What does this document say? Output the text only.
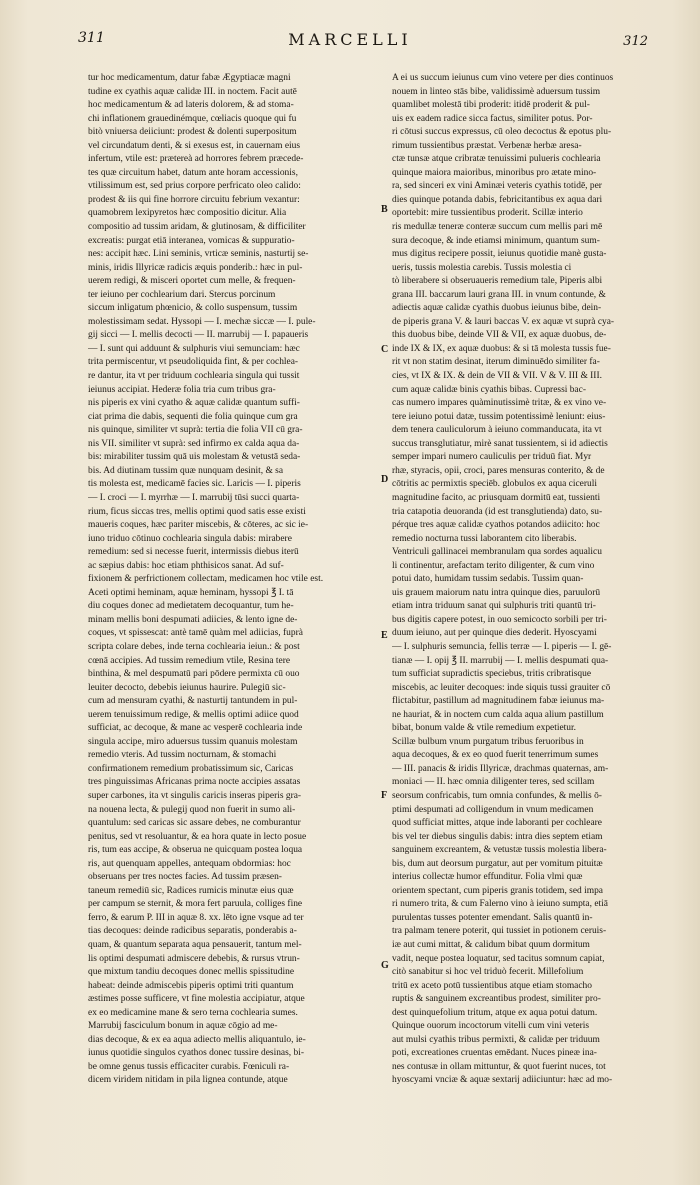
311	MARCELLI	312
tur hoc medicamentum, datur fabæ Ægyptiacæ magni
tudine ex cyathis aquæ calidæ III. in noctem. Facit autē
hoc medicamentum & ad lateris dolorem, & ad stoma-
chi inflationem grauedinémque, cœliacis quoque qui fu
bitò vniuersa deiiciunt: prodest & dolenti superpositum
vel circundatum denti, & si exesus est, in cauernam eius
infertum, vtile est: prætereà ad horrores febrem præcede-
tes quæ circuitum habet, datum ante horam accessionis,
vtilissimum est, sed prius corpore perfricato oleo calido:
prodest & iis qui fine horrore circuitu febrium vexantur:
quamobrem lexipyretos hæc compositio dicitur. Alia
compositio ad tussim aridam, & glutinosam, & difficiliter
excreatis: purgat etiā interanea, vomicas & suppuratio-
nes: accipit hæc. Lini seminis, vrticæ seminis, nasturtij se-
minis, iridis Illyricæ radicis æquis ponderib.: hæc in pul-
uerem redigi, & misceri oportet cum melle, & frequen-
ter ieiuno per cochlearium dari. Stercus porcinum
siccum inligatum phœnicio, & collo suspensum, tussim
molestissimam sedat. Hyssopi — I. mechæ siccæ — I. pule-
gij sicci — I. mellis decocti — II. marrubij — I. papaueris
— I. sunt qui adduunt & sulphuris viui semunciam: hæc
trita permiscentur, vt pseudoliquida fint, & per cochlea-
re dantur, ita vt per triduum cochlearia singula qui tussit
ieiunus accipiat. Hederæ folia tria cum tribus gra-
nis piperis ex vini cyatho & aquæ calidæ quantum suffi-
ciat prima die dabis, sequenti die folia quinque cum gra
nis quinque, similiter vt suprà: tertia die folia VII cū gra-
nis VII. similiter vt suprà: sed infirmo ex calda aqua da-
bis: mirabiliter tussim quā uis molestam & vetustā seda-
bis. Ad diutinam tussim quæ nunquam desinit, & sa
tis molesta est, medicamē facies sic. Laricis — I. piperis
— I. croci — I. myrrhæ — I. marrubij tūsi succi quarta-
rium, ficus siccas tres, mellis optimi quod satis esse existi
maueris coques, hæc pariter miscebis, & cōteres, ac sic ie-
iuno triduo cōtinuo cochlearia singula dabis: mirabere
remedium: sed si necesse fuerit, intermissis diebus iterū
ac sæpius dabis: hoc etiam phthisicos sanat. Ad suf-
fixionem & perfrictionem collectam, medicamen hoc vtile est.
Aceti optimi heminam, aquæ heminam, hyssopi ℥ I. tā
diu coques donec ad medietatem decoquantur, tum he-
minam mellis boni despumati adiicies, & lento igne de-
coques, vt spissescat: antè tamē quàm mel adiicias, fuprà
scripta colare debes, inde terna cochlearia ieiun.: & post
cœnā accipies. Ad tussim remedium vtile, Resina tere
binthina, & mel despumatū pari pōdere permixta cū ouo
leuiter decocto, debebis ieiunus haurire. Pulegiū sic-
cum ad mensuram cyathi, & nasturtij tantundem in pul-
uerem tenuissimum redige, & mellis optimi adiice quod
sufficiat, ac decoque, & mane ac vesperē cochlearia inde
singula accipe, miro aduersus tussim quanuis molestam
remedio vteris. Ad tussim nocturnam, & stomachi
confirmationem remedium probatissimum sic, Caricas
tres pinguissimas Africanas prima nocte accipies assatas
super carbones, ita vt singulis caricis inseras piperis gra-
na nouena lecta, & pulegij quod non fuerit in sumo ali-
quantulum: sed caricas sic assare debes, ne comburantur
penitus, sed vt resoluantur, & ea hora quate in lecto posue
ris, tum eas accipe, & obserua ne quicquam postea loqua
ris, aut quenquam appelles, antequam obdormias: hoc
obseruans per tres noctes facies. Ad tussim præsen-
taneum remediū sic, Radices rumicis minutæ eius quæ
per campum se sternit, & mora fert paruula, colliges fine
ferro, & earum P. III in aquæ 8. xx. lēto igne vsque ad ter
tias decoques: deinde radicibus separatis, ponderabis a-
quam, & quantum separata aqua pensauerit, tantum mel-
lis optimi despumati admiscere debebis, & rursus vtrun-
que mixtum tandiu decoques donec mellis spissitudine
habeat: deinde admiscebis piperis optimi triti quantum
æstimes posse sufficere, vt fine molestia accipiatur, atque
ex eo medicamine mane & sero terna cochlearia sumes.
Marrubij fasciculum bonum in aquæ cōgio ad me-
dias decoque, & ex ea aqua adiecto mellis aliquantulo, ie-
iunus quotidie singulos cyathos donec tussire desinas, bi-
be omne genus tussis efficaciter curabis. Fœniculi ra-
dicem viridem nitidam in pila lignea contunde, atque
A ei us succum ieiunus cum vino vetere per dies continuos
nouem in linteo stās bibe, validissimè aduersum tussim
quamlibet molestā tibi proderit: itidē proderit & pul-
uis ex eadem radice sicca factus, similiter potus. Por-
ri cōtusi succus expressus, cū oleo decoctus & epotus plu-
rimum tussientibus præstat. Verbenæ herbæ aresa-
ctæ tunsæ atque cribratæ tenuissimi pulueris cochlearia
quinque maiora maioribus, minoribus pro ætate mino-
ra, sed sinceri ex vini Aminæi veteris cyathis totidē, per
dies quinque potanda dabis, febricitantibus ex aqua dari
oportebit: mire tussientibus proderit. Scillæ interio
ris medullæ teneræ conteræ succum cum mellis pari mē
sura decoque, & inde etiamsi minimum, quantum sum-
mus digitus recipere possit, ieiunus quotidie manè gusta-
ueris, tussis molestia carebis. Tussis molestia ci
tò liberabere si obseruaueris remedium tale, Piperis albi
grana III. baccarum lauri grana III. in vnum contunde, &
adiectis aquæ calidæ cyathis duobus ieiunus bibe, dein-
de piperis grana V. & lauri baccas V. ex aquæ vt suprà cya-
this duobus bibe, deinde VII & VII, ex aquæ duobus, de-
inde IX & IX, ex aquæ duobus: & si tā molesta tussis fue-
rit vt non statim desinat, iterum diminuēdo similiter fa-
cies, vt IX & IX. & dein de VII & VII. V & V. III & III.
cum aquæ calidæ binis cyathis bibas. Cupressi bac-
cas numero impares quàminutissimè tritæ, & ex vino ve-
tere ieiuno potui datæ, tussim potentissimè leniunt: eius-
dem tenera cauliculorum à ieiuno commanducata, ita vt
succus transglutiatur, mirè sanat tussientem, si id adiectis
semper impari numero cauliculis per triduū fiat. Myr
rhæ, styracis, opii, croci, pares mensuras conterito, & de
cōtritis ac permixtis speciēb. globulos ex aqua ciceruli
magnitudine facito, ac priusquam dormitū eat, tussienti
tria catapotia deuoranda (id est transglutienda) dato, su-
pérque tres aquæ calidæ cyathos potandos adiicito: hoc
remedio nocturna tussi laborantem cito liberabis.
Ventriculi gallinacei membranulam qua sordes aqualicu
li continentur, arefactam terito diligenter, & cum vino
potui dato, humidam tussim sedabis. Tussim quan-
uis grauem maiorum natu intra quinque dies, paruulorū
etiam intra triduum sanat qui sulphuris triti quantū tri-
bus digitis capere potest, in ouo semicocto sorbili per tri-
duum ieiuno, aut per quinque dies dederit. Hyoscyami
— I. sulphuris semuncia, fellis terræ — I. piperis — I. gē-
tianæ — I. opij ℥ II. marrubij — I. mellis despumati qua-
tum sufficiat supradictis speciebus, tritis cribratisque
miscebis, ac leuiter decoques: inde siquis tussi grauiter cō
flictabitur, pastillum ad magnitudinem fabæ ieiunus ma-
ne hauriat, & in noctem cum calda aqua alium pastillum
bibat, bonum valde & vtile remedium expetietur.
Scillæ bulbum vnum purgatum tribus feruoribus in
aqua decoques, & ex eo quod fuerit tenerrimum sumes
— III. panacis & iridis Illyricæ, drachmas quaternas, am-
moniaci — II. hæc omnia diligenter teres, sed scillam
seorsum confricabis, tum omnia confundes, & mellis ō-
ptimi despumati ad colligendum in vnum medicamen
quod sufficiat mittes, atque inde laboranti per cochleare
bis vel ter diebus singulis dabis: intra dies septem etiam
sanguinem excreantem, & vetustæ tussis molestia libera-
bis, dum aut deorsum purgatur, aut per vomitum pituitæ
interius collectæ humor effunditur. Folia vlmi quæ
orientem spectant, cum piperis granis totidem, sed impa
ri numero trita, & cum Falerno vino à ieiuno sumpta, etiā
purulentas tusses potenter emendant. Salis quantū in-
tra palmam tenere poterit, qui tussiet in potionem ceruis-
iæ aut cumi mittat, & calidum bibat quum dormitum
vadit, neque postea loquatur, sed tacitus somnum capiat,
citò sanabitur si hoc vel triduò fecerit. Millefolium
tritū ex aceto potū tussientibus atque etiam stomacho
ruptis & sanguinem excreantibus prodest, similiter pro-
dest quinquefolium tritum, atque ex aqua potui datum.
Quinque ouorum incoctorum vitelli cum vini veteris
aut mulsi cyathis tribus permixti, & calidæ per triduum
poti, excreationes cruentas emēdant. Nuces pineæ ina-
nes contusæ in ollam mittuntur, & quot fuerint nuces, tot
hyoscyami vnciæ & aquæ sextarij adiiciuntur: hæc ad mo-
B
C
D
E
F
G
